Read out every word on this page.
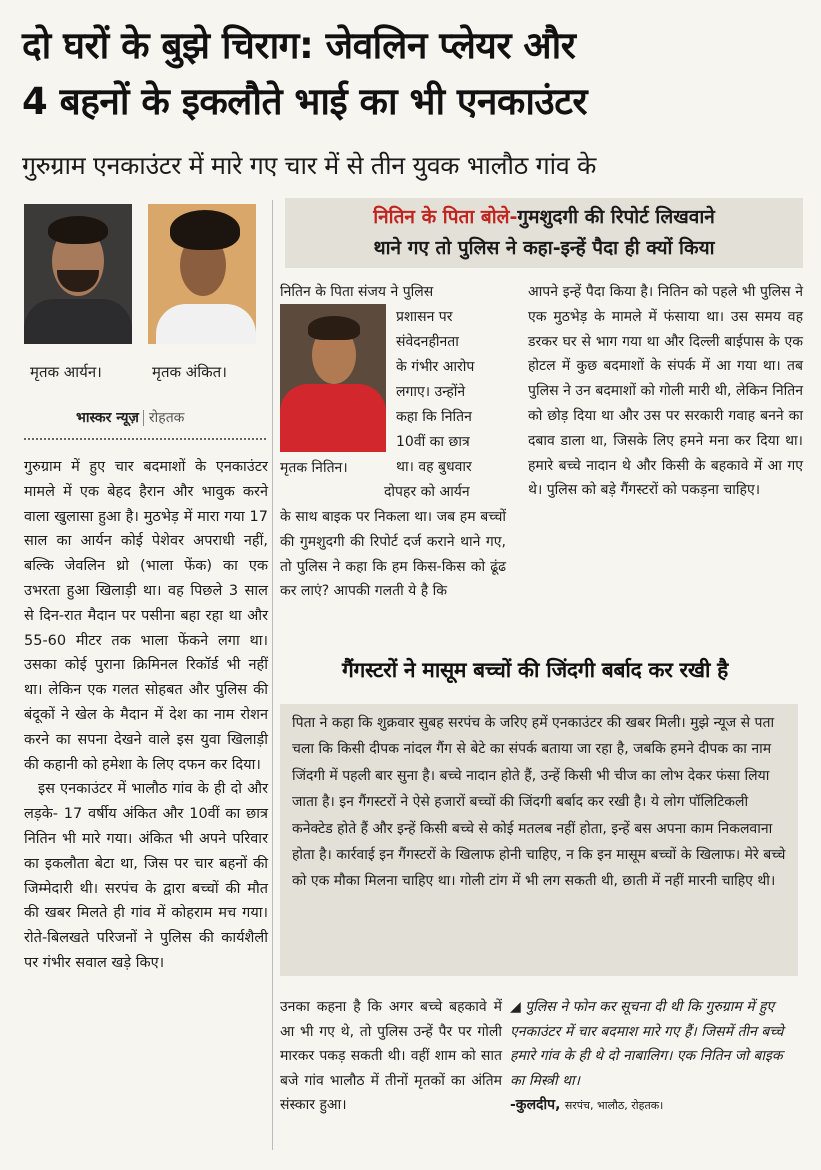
दो घरों के बुझे चिराग: जेवलिन प्लेयर और
4 बहनों के इकलौते भाई का भी एनकाउंटर
गुरुग्राम एनकाउंटर में मारे गए चार में से तीन युवक भालौठ गांव के
मृतक आर्यन।	मृतक अंकित।
भास्कर न्यूज़ रोहतक

गुरुग्राम में हुए चार बदमाशों के एनकाउंटर मामले में एक बेहद हैरान और भावुक करने वाला खुलासा हुआ है। मुठभेड़ में मारा गया 17 साल का आर्यन कोई पेशेवर अपराधी नहीं, बल्कि जेवलिन थ्रो (भाला फेंक) का एक उभरता हुआ खिलाड़ी था। वह पिछले 3 साल से दिन-रात मैदान पर पसीना बहा रहा था और 55-60 मीटर तक भाला फेंकने लगा था। उसका कोई पुराना क्रिमिनल रिकॉर्ड भी नहीं था। लेकिन एक गलत सोहबत और पुलिस की बंदूकों ने खेल के मैदान में देश का नाम रोशन करने का सपना देखने वाले इस युवा खिलाड़ी की कहानी को हमेशा के लिए दफन कर दिया।

इस एनकाउंटर में भालौठ गांव के ही दो और लड़के- 17 वर्षीय अंकित और 10वीं का छात्र नितिन भी मारे गया। अंकित भी अपने परिवार का इकलौता बेटा था, जिस पर चार बहनों की जिम्मेदारी थी। सरपंच के द्वारा बच्चों की मौत की खबर मिलते ही गांव में कोहराम मच गया। रोते-बिलखते परिजनों ने पुलिस की कार्यशैली पर गंभीर सवाल खड़े किए।

नितिन के पिता बोले-गुमशुदगी की रिपोर्ट लिखवाने
थाने गए तो पुलिस ने कहा-इन्हें पैदा ही क्यों किया
नितिन के पिता संजय ने पुलिस
प्रशासन पर
संवेदनहीनता
के गंभीर आरोप
लगाए। उन्होंने
कहा कि नितिन
10वीं का छात्र
मृतक नितिन।	था। वह बुधवार
दोपहर को आर्यन
के साथ बाइक पर निकला था। जब हम बच्चों की गुमशुदगी की रिपोर्ट दर्ज कराने थाने गए, तो पुलिस ने कहा कि हम किस-किस को ढूंढ कर लाएं? आपकी गलती ये है कि
आपने इन्हें पैदा किया है। नितिन को पहले भी पुलिस ने एक मुठभेड़ के मामले में फंसाया था। उस समय वह डरकर घर से भाग गया था और दिल्ली बाईपास के एक होटल में कुछ बदमाशों के संपर्क में आ गया था। तब पुलिस ने उन बदमाशों को गोली मारी थी, लेकिन नितिन को छोड़ दिया था और उस पर सरकारी गवाह बनने का दबाव डाला था, जिसके लिए हमने मना कर दिया था। हमारे बच्चे नादान थे और किसी के बहकावे में आ गए थे। पुलिस को बड़े गैंगस्टरों को पकड़ना चाहिए।
गैंगस्टरों ने मासूम बच्चों की जिंदगी बर्बाद कर रखी है
पिता ने कहा कि शुक्रवार सुबह सरपंच के जरिए हमें एनकाउंटर की खबर मिली। मुझे न्यूज से पता चला कि किसी दीपक नांदल गैंग से बेटे का संपर्क बताया जा रहा है, जबकि हमने दीपक का नाम जिंदगी में पहली बार सुना है। बच्चे नादान होते हैं, उन्हें किसी भी चीज का लोभ देकर फंसा लिया जाता है। इन गैंगस्टरों ने ऐसे हजारों बच्चों की जिंदगी बर्बाद कर रखी है। ये लोग पॉलिटिकली कनेक्टेड होते हैं और इन्हें किसी बच्चे से कोई मतलब नहीं होता, इन्हें बस अपना काम निकलवाना होता है। कार्रवाई इन गैंगस्टरों के खिलाफ होनी चाहिए, न कि इन मासूम बच्चों के खिलाफ। मेरे बच्चे को एक मौका मिलना चाहिए था। गोली टांग में भी लग सकती थी, छाती में नहीं मारनी चाहिए थी।
उनका कहना है कि अगर बच्चे बहकावे में आ भी गए थे, तो पुलिस उन्हें पैर पर गोली मारकर पकड़ सकती थी। वहीं शाम को सात बजे गांव भालौठ में तीनों मृतकों का अंतिम संस्कार हुआ।
◢ पुलिस ने फोन कर सूचना दी थी कि गुरुग्राम में हुए एनकाउंटर में चार बदमाश मारे गए हैं। जिसमें तीन बच्चे हमारे गांव के ही थे दो नाबालिग। एक नितिन जो बाइक का मिस्त्री था।
-कुलदीप, सरपंच, भालौठ, रोहतक।
